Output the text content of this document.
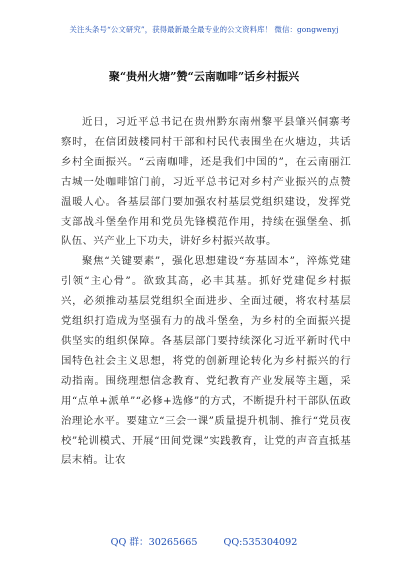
关注头条号“公文研究”，获得最新最全最专业的公文资料库！ 微信：gongwenyj
聚“贵州火塘”赞“云南咖啡”话乡村振兴

近日，习近平总书记在贵州黔东南州黎平县肇兴侗寨考察时，在信团鼓楼同村干部和村民代表围坐在火塘边，共话乡村全面振兴。“云南咖啡，还是我们中国的”，在云南丽江古城一处咖啡馆门前，习近平总书记对乡村产业振兴的点赞温暖人心。各基层部门要加强农村基层党组织建设，发挥党支部战斗堡垒作用和党员先锋模范作用，持续在强堡垒、抓队伍、兴产业上下功夫，讲好乡村振兴故事。

聚焦“关键要素”，强化思想建设“夯基固本”，淬炼党建引领“主心骨”。欲致其高，必丰其基。抓好党建促乡村振兴，必须推动基层党组织全面进步、全面过硬，将农村基层党组织打造成为坚强有力的战斗堡垒，为乡村的全面振兴提供坚实的组织保障。各基层部门要持续深化习近平新时代中国特色社会主义思想，将党的创新理论转化为乡村振兴的行动指南。围绕理想信念教育、党纪教育产业发展等主题，采用“点单+派单”“必修+选修”的方式，不断提升村干部队伍政治理论水平。要建立“三会一课”质量提升机制、推行“党员夜校”轮训模式、开展“田间党课”实践教育，让党的声音直抵基层末梢。让农

QQ 群：30265665	QQ:535304092
